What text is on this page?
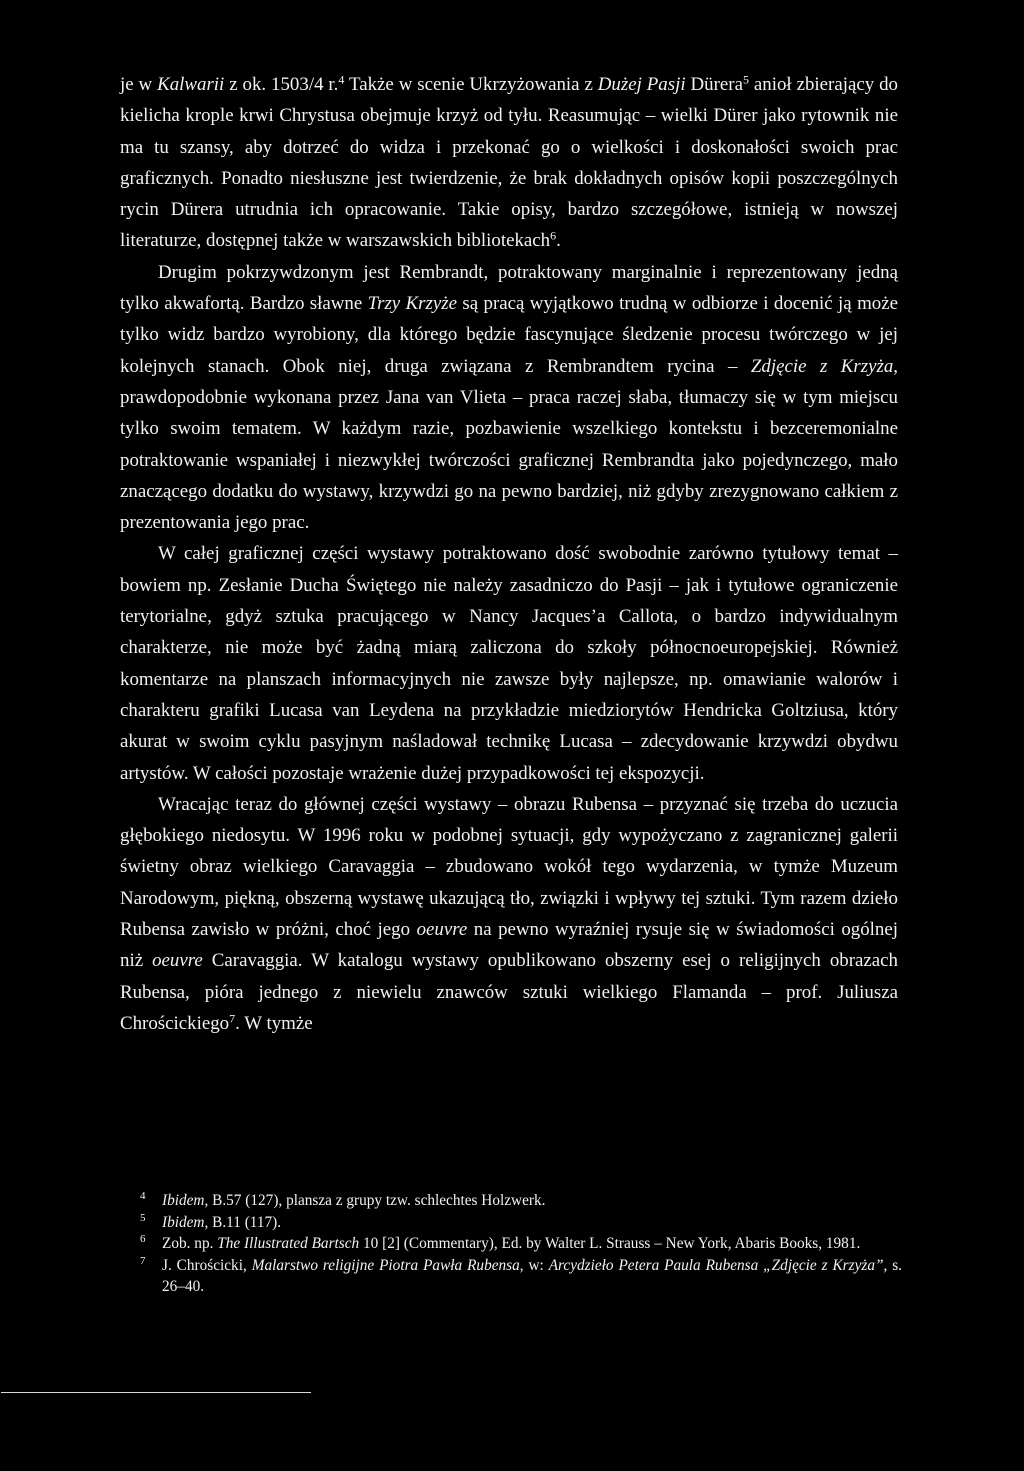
je w Kalwarii z ok. 1503/4 r.$^4$ Także w scenie Ukrzyżowania z Dużej Pasji Dürera$^5$ anioł zbierający do kielicha krople krwi Chrystusa obejmuje krzyż od tyłu. Reasumując – wielki Dürer jako rytownik nie ma tu szansy, aby dotrzeć do widza i przekonać go o wielkości i doskonałości swoich prac graficznych. Ponadto niesłuszne jest twierdzenie, że brak dokładnych opisów kopii poszczególnych rycin Dürera utrudnia ich opracowanie. Takie opisy, bardzo szczegółowe, istnieją w nowszej literaturze, dostępnej także w warszawskich bibliotekach$^6$.

Drugim pokrzywdzonym jest Rembrandt, potraktowany marginalnie i reprezentowany jedną tylko akwafortą. Bardzo sławne Trzy Krzyże są pracą wyjątkowo trudną w odbiorze i docenić ją może tylko widz bardzo wyrobiony, dla którego będzie fascynujące śledzenie procesu twórczego w jej kolejnych stanach. Obok niej, druga związana z Rembrandtem rycina – Zdjęcie z Krzyża, prawdopodobnie wykonana przez Jana van Vlieta – praca raczej słaba, tłumaczy się w tym miejscu tylko swoim tematem. W każdym razie, pozbawienie wszelkiego kontekstu i bezceremonialne potraktowanie wspaniałej i niezwykłej twórczości graficznej Rembrandta jako pojedynczego, mało znaczącego dodatku do wystawy, krzywdzi go na pewno bardziej, niż gdyby zrezygnowano całkiem z prezentowania jego prac.

W całej graficznej części wystawy potraktowano dość swobodnie zarówno tytułowy temat – bowiem np. Zesłanie Ducha Świętego nie należy zasadniczo do Pasji – jak i tytułowe ograniczenie terytorialne, gdyż sztuka pracującego w Nancy Jacques’a Callota, o bardzo indywidualnym charakterze, nie może być żadną miarą zaliczona do szkoły północnoeuropejskiej. Również komentarze na planszach informacyjnych nie zawsze były najlepsze, np. omawianie walorów i charakteru grafiki Lucasa van Leydena na przykładzie miedziorytów Hendricka Goltziusa, który akurat w swoim cyklu pasyjnym naśladował technikę Lucasa – zdecydowanie krzywdzi obydwu artystów. W całości pozostaje wrażenie dużej przypadkowości tej ekspozycji.

Wracając teraz do głównej części wystawy – obrazu Rubensa – przyznać się trzeba do uczucia głębokiego niedosytu. W 1996 roku w podobnej sytuacji, gdy wypożyczano z zagranicznej galerii świetny obraz wielkiego Caravaggia – zbudowano wokół tego wydarzenia, w tymże Muzeum Narodowym, piękną, obszerną wystawę ukazującą tło, związki i wpływy tej sztuki. Tym razem dzieło Rubensa zawisło w próżni, choć jego oeuvre na pewno wyraźniej rysuje się w świadomości ogólnej niż oeuvre Caravaggia. W katalogu wystawy opublikowano obszerny esej o religijnych obrazach Rubensa, pióra jednego z niewielu znawców sztuki wielkiego Flamanda – prof. Juliusza Chrościckiego$^7$. W tymże

4 Ibidem, B.57 (127), plansza z grupy tzw. schlechtes Holzwerk.
5 Ibidem, B.11 (117).
6 Zob. np. The Illustrated Bartsch 10 [2] (Commentary), Ed. by Walter L. Strauss – New York, Abaris Books, 1981.
7 J. Chrościcki, Malarstwo religijne Piotra Pawła Rubensa, w: Arcydzieło Petera Paula Rubensa „Zdjęcie z Krzyża”, s. 26–40.
